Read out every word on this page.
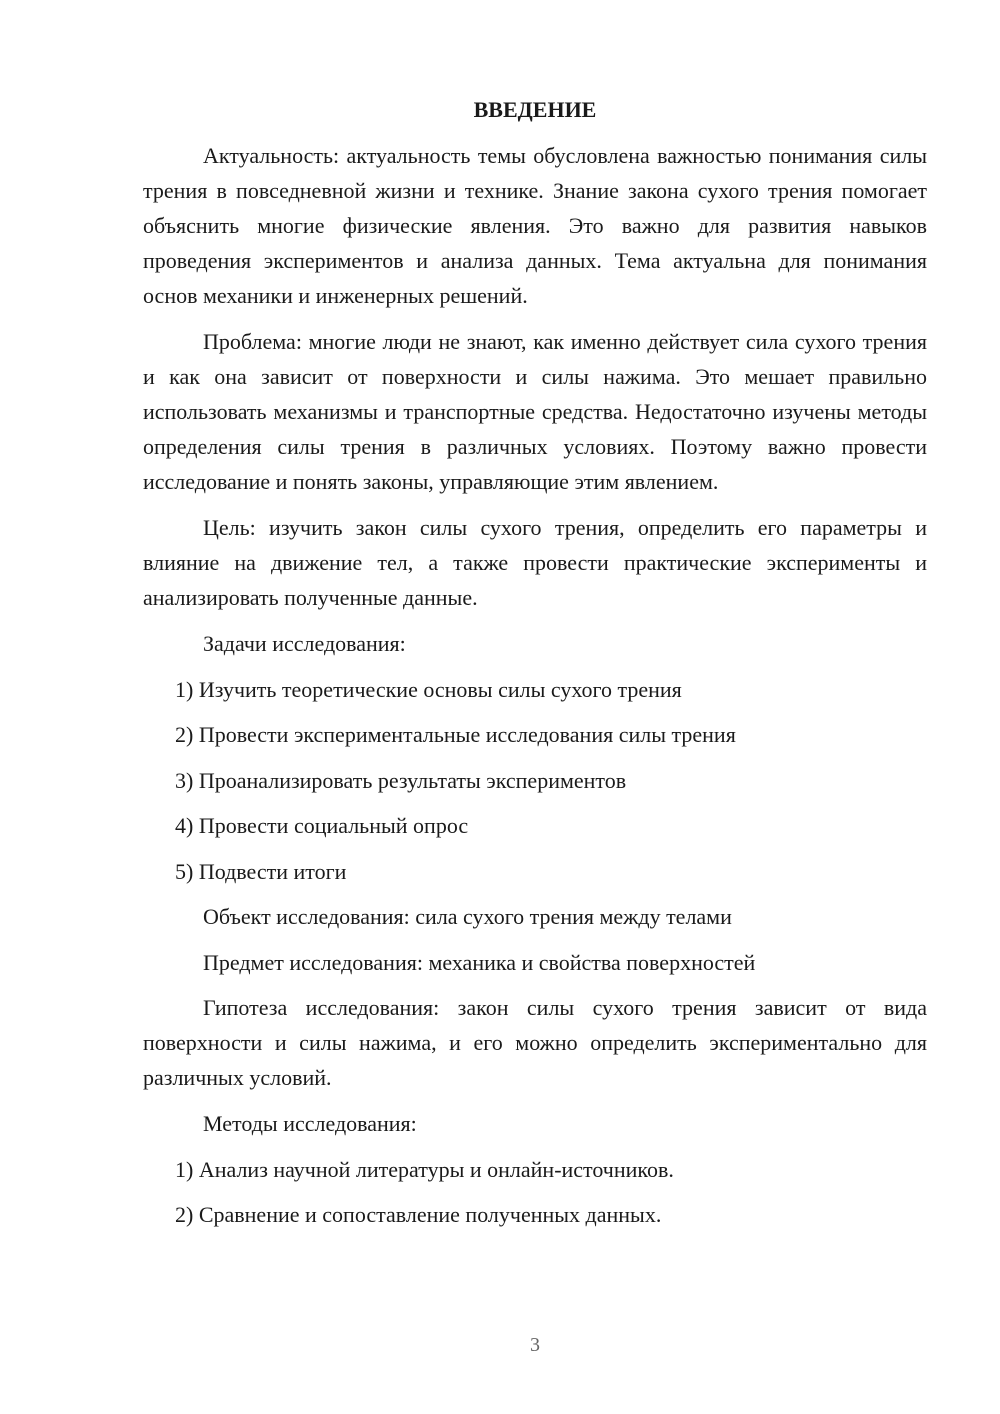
ВВЕДЕНИЕ

Актуальность: актуальность темы обусловлена важностью понимания силы трения в повседневной жизни и технике. Знание закона сухого трения помогает объяснить многие физические явления. Это важно для развития навыков проведения экспериментов и анализа данных. Тема актуальна для понимания основ механики и инженерных решений.

Проблема: многие люди не знают, как именно действует сила сухого трения и как она зависит от поверхности и силы нажима. Это мешает правильно использовать механизмы и транспортные средства. Недостаточно изучены методы определения силы трения в различных условиях. Поэтому важно провести исследование и понять законы, управляющие этим явлением.

Цель: изучить закон силы сухого трения, определить его параметры и влияние на движение тел, а также провести практические эксперименты и анализировать полученные данные.

Задачи исследования:
1) Изучить теоретические основы силы сухого трения
2) Провести экспериментальные исследования силы трения
3) Проанализировать результаты экспериментов
4) Провести социальный опрос
5) Подвести итоги
Объект исследования: сила сухого трения между телами
Предмет исследования: механика и свойства поверхностей

Гипотеза исследования: закон силы сухого трения зависит от вида поверхности и силы нажима, и его можно определить экспериментально для различных условий.

Методы исследования:
1) Анализ научной литературы и онлайн-источников.
2) Сравнение и сопоставление полученных данных.
3
